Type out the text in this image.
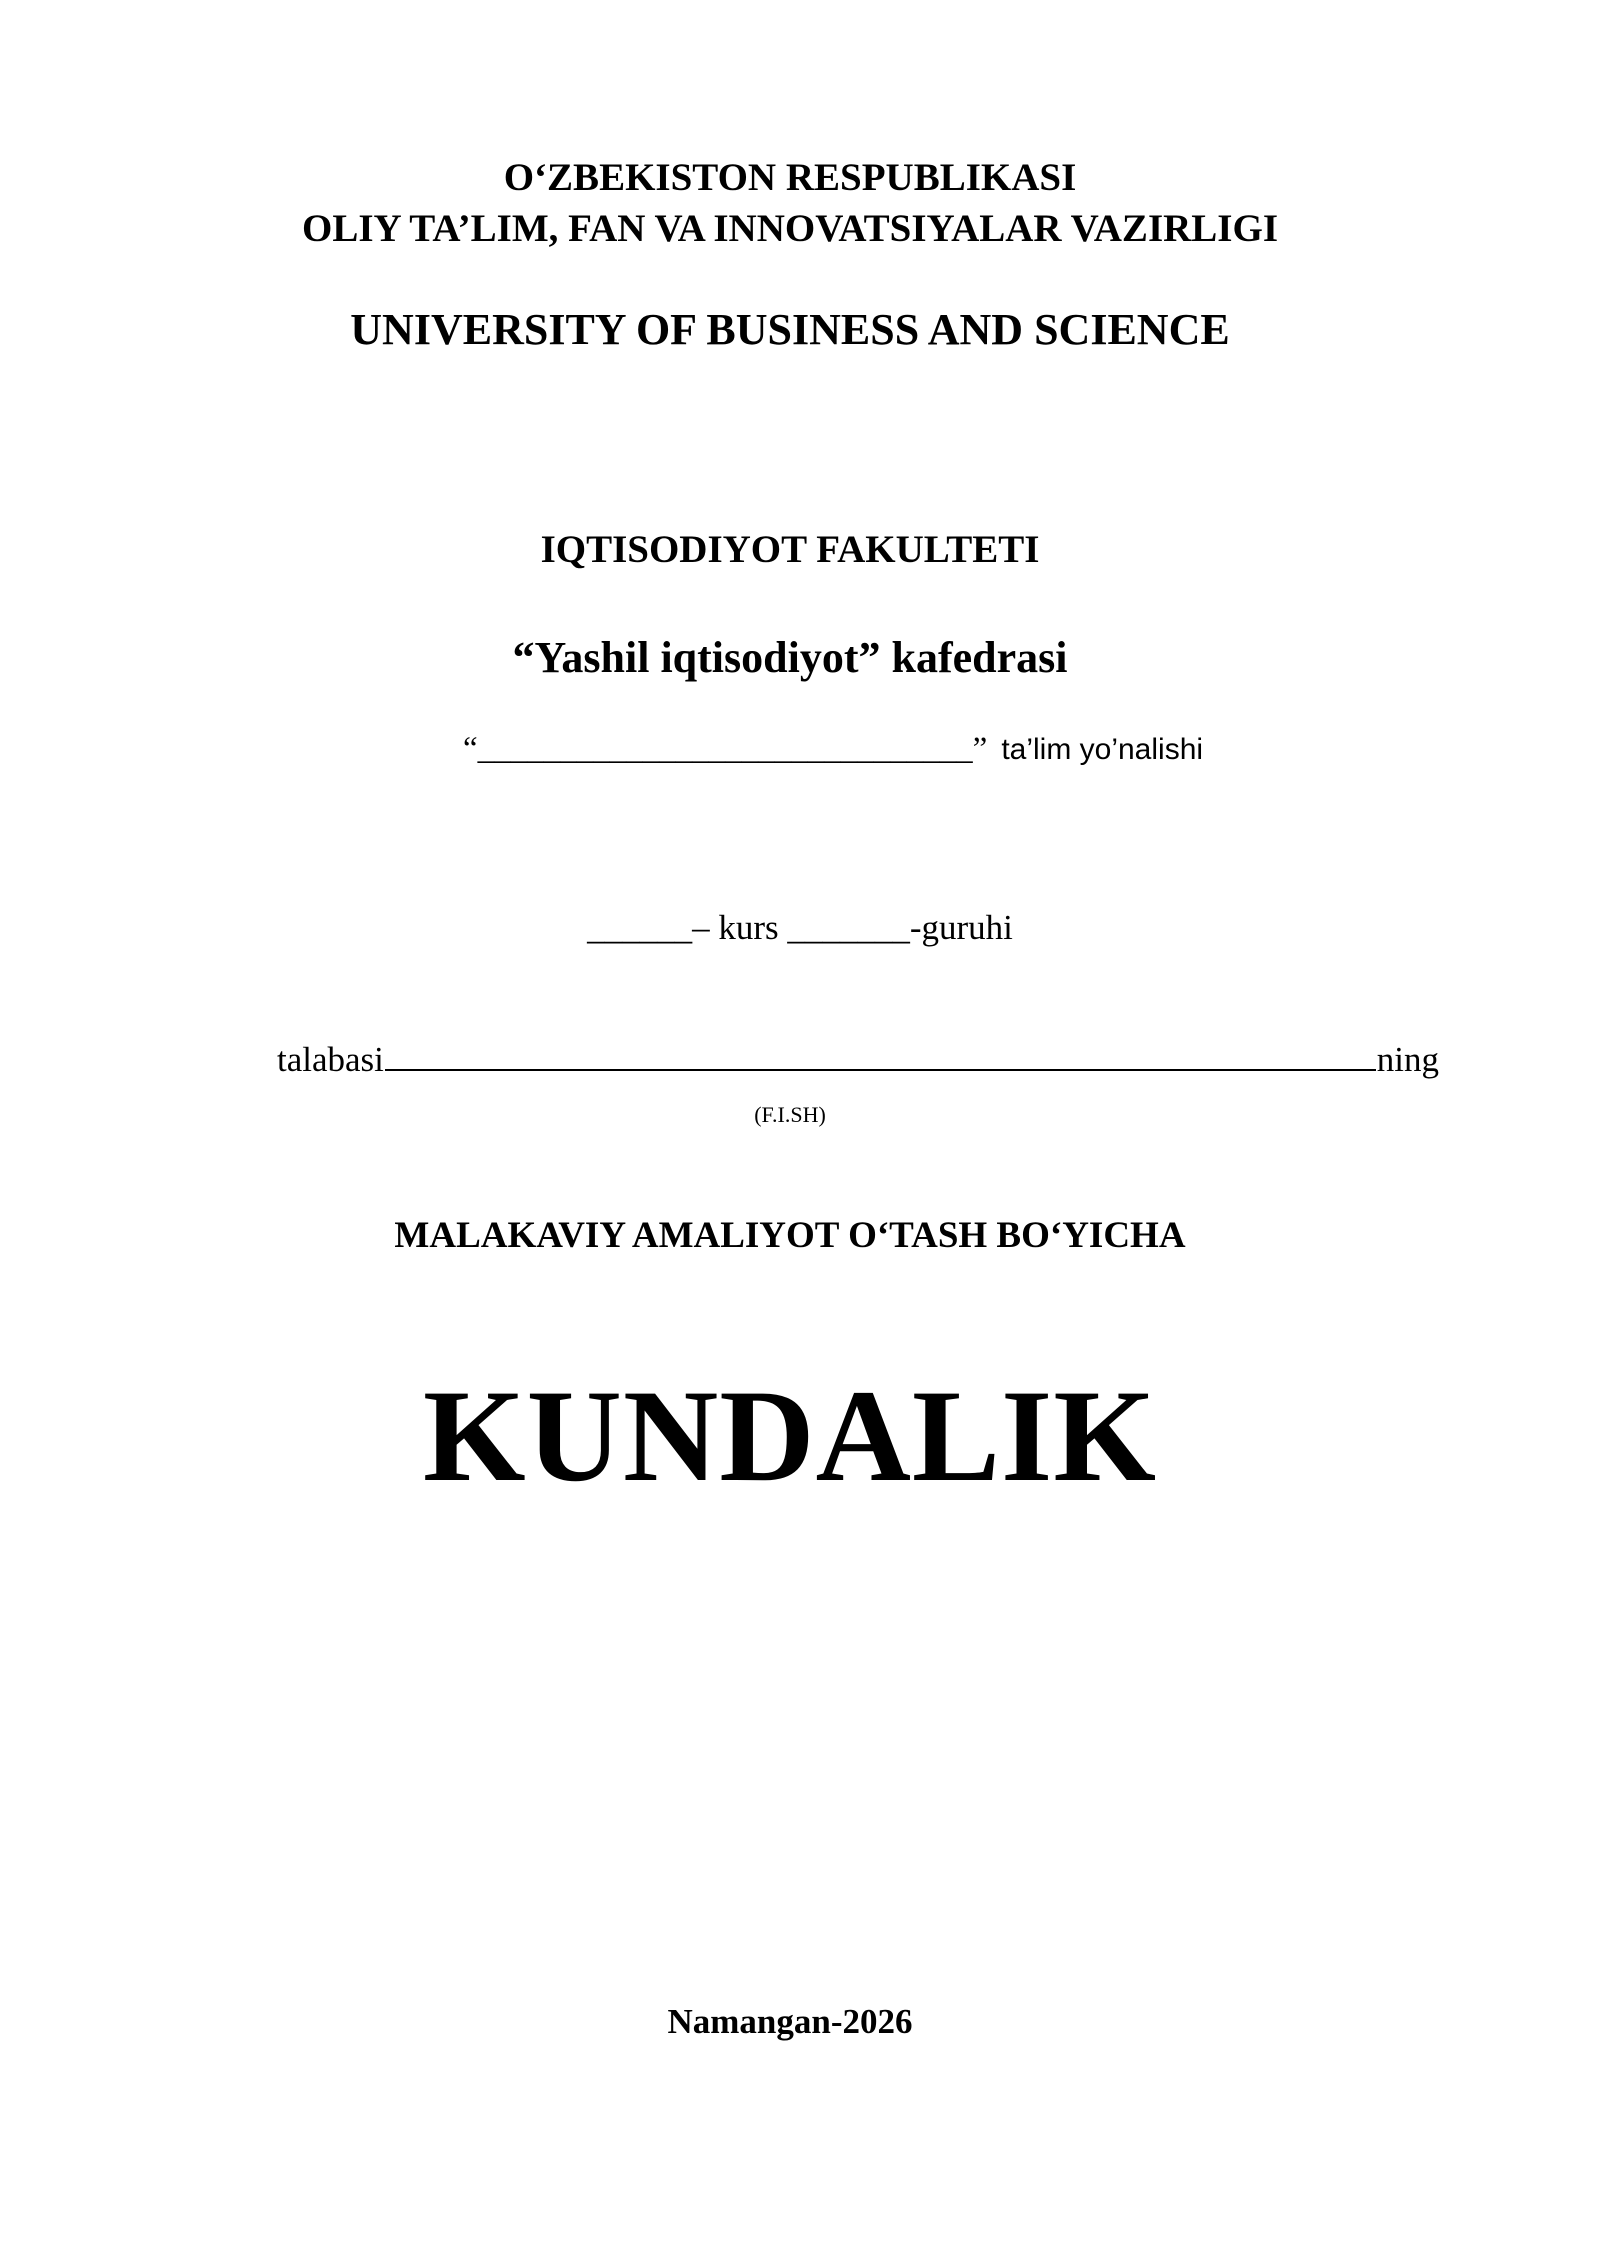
O‘ZBEKISTON RESPUBLIKASI
OLIY TA’LIM, FAN VA INNOVATSIYALAR VAZIRLIGI
UNIVERSITY OF BUSINESS AND SCIENCE
IQTISODIYOT FAKULTETI
“Yashil iqtisodiyot” kafedrasi
“______________________________” ta’lim yo’nalishi
______– kurs _______-guruhi
talabasi	ning
(F.I.SH)
MALAKAVIY AMALIYOT O‘TASH BO‘YICHA
KUNDALIK
Namangan-2026
